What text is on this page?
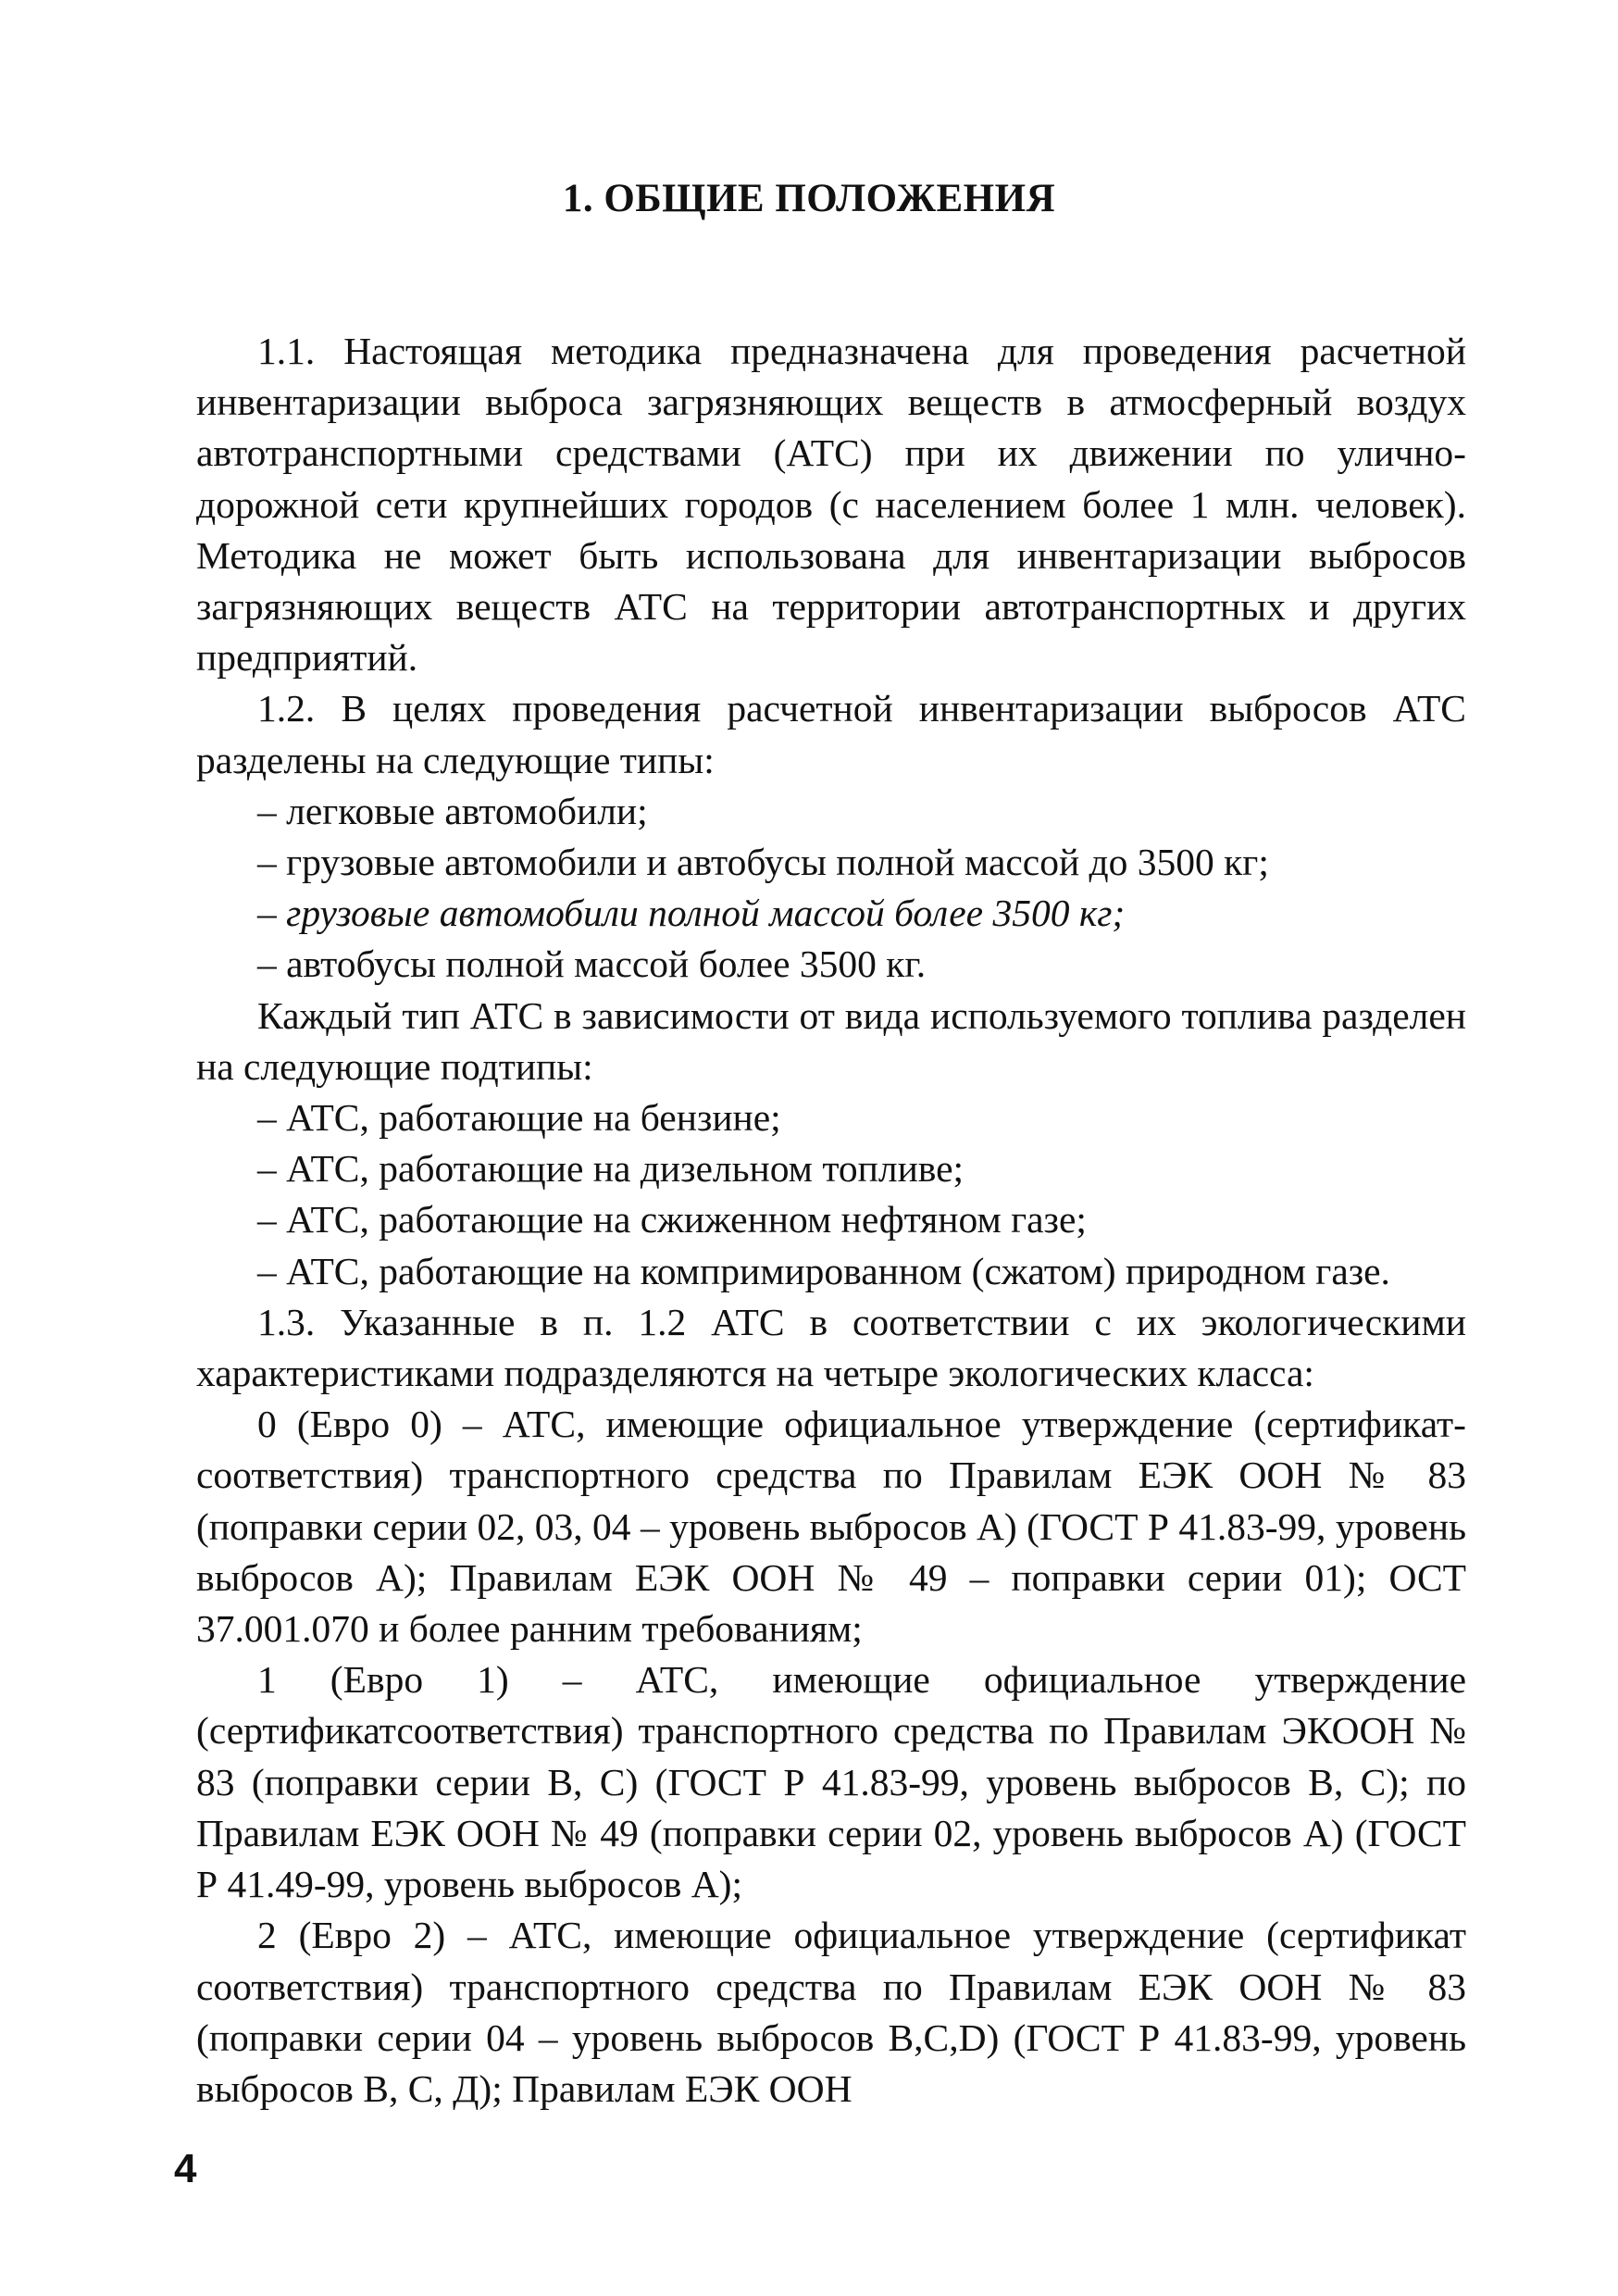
1. ОБЩИЕ ПОЛОЖЕНИЯ

1.1. Настоящая методика предназначена для проведения расчетной инвентаризации выброса загрязняющих веществ в атмосферный воздух автотранспортными средствами (АТС) при их движении по улично-дорожной сети крупнейших городов (с населением более 1 млн. человек). Методика не может быть использована для инвентаризации выбросов загрязняющих веществ АТС на территории автотранспортных и других предприятий.

1.2. В целях проведения расчетной инвентаризации выбросов АТС разделены на следующие типы:

– легковые автомобили;

– грузовые автомобили и автобусы полной массой до 3500 кг;

– грузовые автомобили полной массой более 3500 кг;

– автобусы полной массой более 3500 кг.

Каждый тип АТС в зависимости от вида используемого топлива разделен на следующие подтипы:

– АТС, работающие на бензине;

– АТС, работающие на дизельном топливе;

– АТС, работающие на сжиженном нефтяном газе;

– АТС, работающие на компримированном (сжатом) природном газе.

1.3. Указанные в п. 1.2 АТС в соответствии с их экологическими характеристиками подразделяются на четыре экологических класса:

0 (Евро 0) – АТС, имеющие официальное утверждение (сертификат-соответствия) транспортного средства по Правилам ЕЭК ООН № 83 (поправки серии 02, 03, 04 – уровень выбросов А) (ГОСТ Р 41.83-99, уровень выбросов А); Правилам ЕЭК ООН № 49 – поправки серии 01); ОСТ 37.001.070 и более ранним требованиям;

1 (Евро 1) – АТС, имеющие официальное утверждение (сертификатсоответствия) транспортного средства по Правилам ЭКООН № 83 (поправки серии В, С) (ГОСТ Р 41.83-99, уровень выбросов В, С); по Правилам ЕЭК ООН № 49 (поправки серии 02, уровень выбросов А) (ГОСТ Р 41.49-99, уровень выбросов А);

2 (Евро 2) – АТС, имеющие официальное утверждение (сертификат соответствия) транспортного средства по Правилам ЕЭК ООН № 83 (поправки серии 04 – уровень выбросов В,С,D) (ГОСТ Р 41.83-99, уровень выбросов В, С, Д); Правилам ЕЭК ООН

4
